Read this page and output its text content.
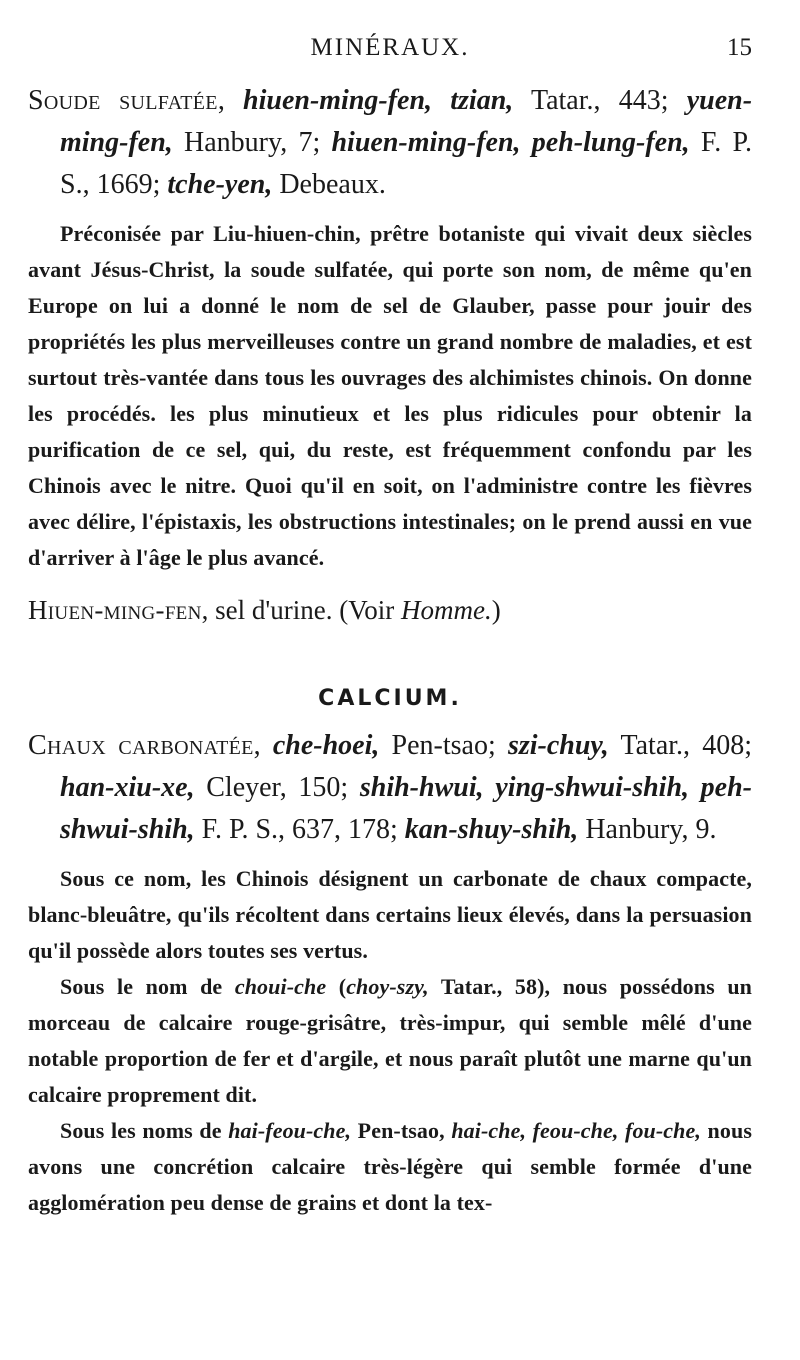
MINÉRAUX.	15

Soude sulfatée, hiuen-ming-fen, tzian, Tatar., 443; yuen-ming-fen, Hanbury, 7; hiuen-ming-fen, peh-lung-fen, F. P. S., 1669; tche-yen, Debeaux.

Préconisée par Liu-hiuen-chin, prêtre botaniste qui vivait deux siècles avant Jésus-Christ, la soude sulfatée, qui porte son nom, de même qu'en Europe on lui a donné le nom de sel de Glauber, passe pour jouir des propriétés les plus merveilleuses contre un grand nombre de maladies, et est surtout très-vantée dans tous les ouvrages des alchimistes chinois. On donne les procédés. les plus minutieux et les plus ridicules pour obtenir la purification de ce sel, qui, du reste, est fréquemment confondu par les Chinois avec le nitre. Quoi qu'il en soit, on l'administre contre les fièvres avec délire, l'épistaxis, les obstructions intestinales; on le prend aussi en vue d'arriver à l'âge le plus avancé.

Hiuen-ming-fen, sel d'urine. (Voir Homme.)

CALCIUM.

Chaux carbonatée, che-hoei, Pen-tsao; szi-chuy, Tatar., 408; han-xiu-xe, Cleyer, 150; shih-hwui, ying-shwui-shih, peh-shwui-shih, F. P. S., 637, 178; kan-shuy-shih, Hanbury, 9.

Sous ce nom, les Chinois désignent un carbonate de chaux compacte, blanc-bleuâtre, qu'ils récoltent dans certains lieux élevés, dans la persuasion qu'il possède alors toutes ses vertus.

Sous le nom de choui-che (choy-szy, Tatar., 58), nous possédons un morceau de calcaire rouge-grisâtre, très-impur, qui semble mêlé d'une notable proportion de fer et d'argile, et nous paraît plutôt une marne qu'un calcaire proprement dit.

Sous les noms de hai-feou-che, Pen-tsao, hai-che, feou-che, fou-che, nous avons une concrétion calcaire très-légère qui semble formée d'une agglomération peu dense de grains et dont la tex-
